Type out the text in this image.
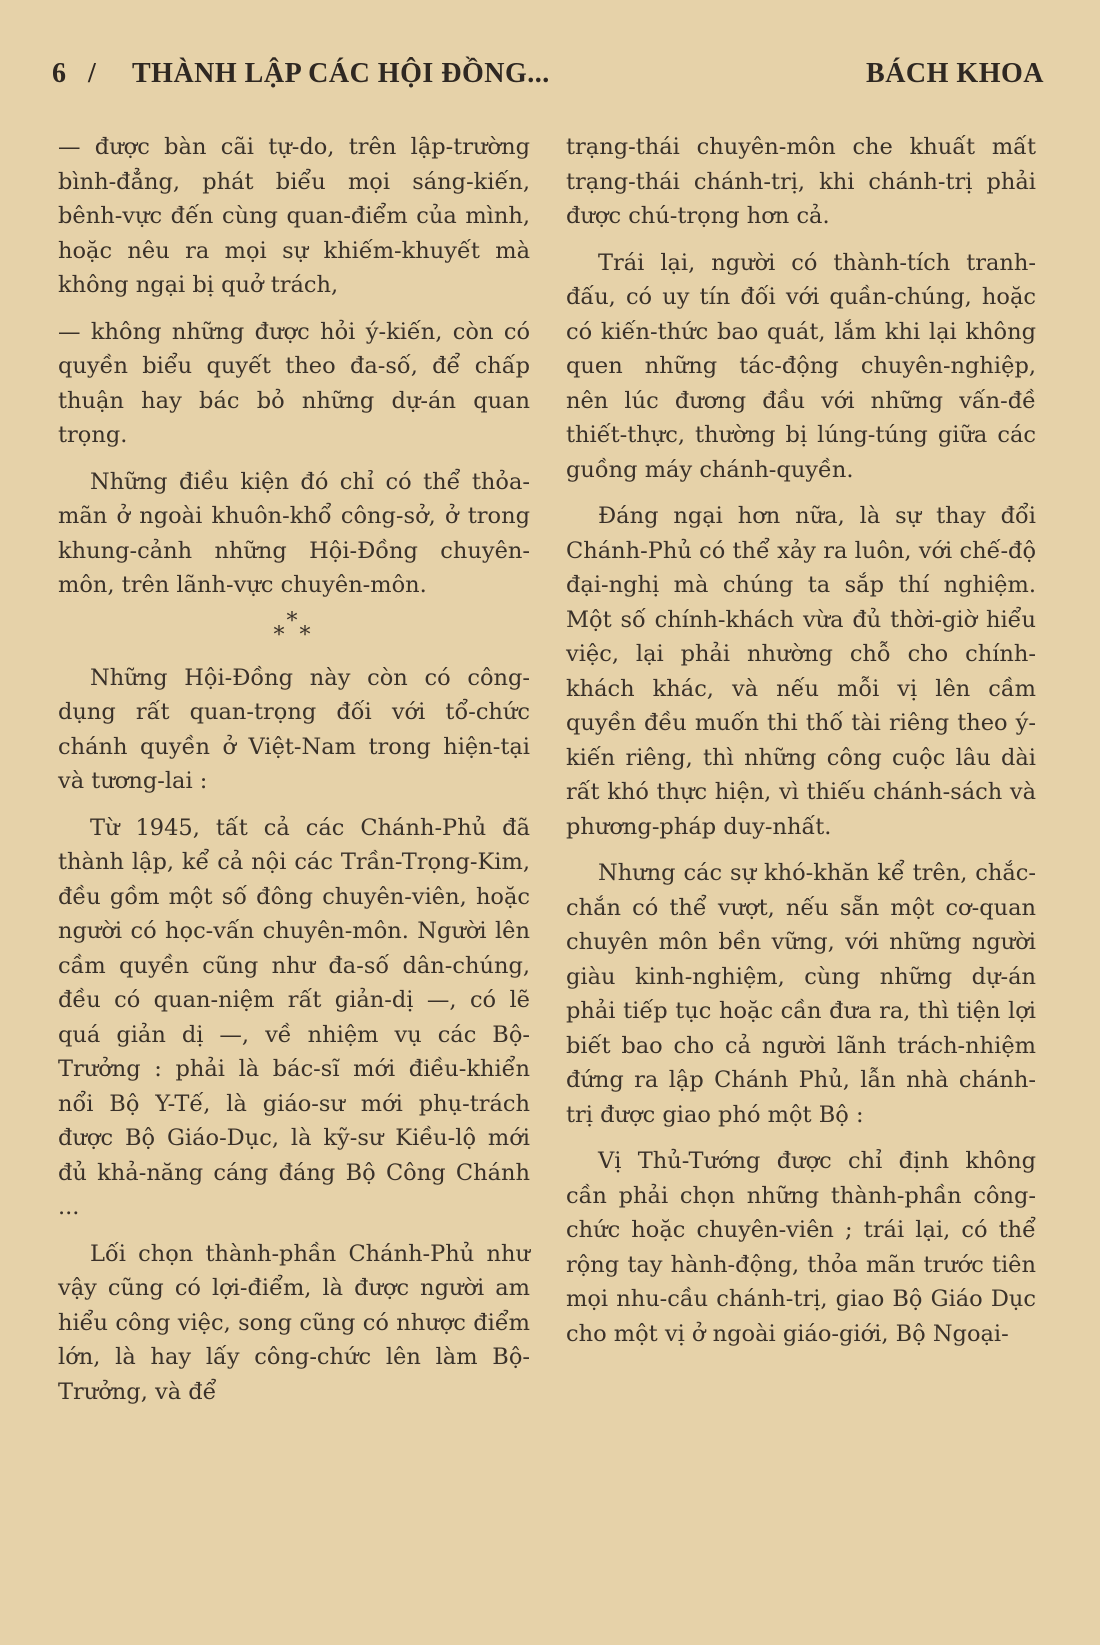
6 / THÀNH LẬP CÁC HỘI ĐỒNG...	BÁCH KHOA

— được bàn cãi tự-do, trên lập-trường bình-đẳng, phát biểu mọi sáng-kiến, bênh-vực đến cùng quan-điểm của mình, hoặc nêu ra mọi sự khiếm-khuyết mà không ngại bị quở trách,

— không những được hỏi ý-kiến, còn có quyền biểu quyết theo đa-số, để chấp thuận hay bác bỏ những dự-án quan trọng.

Những điều kiện đó chỉ có thể thỏa-mãn ở ngoài khuôn-khổ công-sở, ở trong khung-cảnh những Hội-Đồng chuyên-môn, trên lãnh-vực chuyên-môn.

*
* *

Những Hội-Đồng này còn có công-dụng rất quan-trọng đối với tổ-chức chánh quyền ở Việt-Nam trong hiện-tại và tương-lai :

Từ 1945, tất cả các Chánh-Phủ đã thành lập, kể cả nội các Trần-Trọng-Kim, đều gồm một số đông chuyên-viên, hoặc người có học-vấn chuyên-môn. Người lên cầm quyền cũng như đa-số dân-chúng, đều có quan-niệm rất giản-dị —, có lẽ quá giản dị —, về nhiệm vụ các Bộ-Trưởng : phải là bác-sĩ mới điều-khiển nổi Bộ Y-Tế, là giáo-sư mới phụ-trách được Bộ Giáo-Dục, là kỹ-sư Kiều-lộ mới đủ khả-năng cáng đáng Bộ Công Chánh ...

Lối chọn thành-phần Chánh-Phủ như vậy cũng có lợi-điểm, là được người am hiểu công việc, song cũng có nhược điểm lớn, là hay lấy công-chức lên làm Bộ-Trưởng, và để

trạng-thái chuyên-môn che khuất mất trạng-thái chánh-trị, khi chánh-trị phải được chú-trọng hơn cả.

Trái lại, người có thành-tích tranh-đấu, có uy tín đối với quần-chúng, hoặc có kiến-thức bao quát, lắm khi lại không quen những tác-động chuyên-nghiệp, nên lúc đương đầu với những vấn-đề thiết-thực, thường bị lúng-túng giữa các guồng máy chánh-quyền.

Đáng ngại hơn nữa, là sự thay đổi Chánh-Phủ có thể xảy ra luôn, với chế-độ đại-nghị mà chúng ta sắp thí nghiệm. Một số chính-khách vừa đủ thời-giờ hiểu việc, lại phải nhường chỗ cho chính-khách khác, và nếu mỗi vị lên cầm quyền đều muốn thi thố tài riêng theo ý-kiến riêng, thì những công cuộc lâu dài rất khó thực hiện, vì thiếu chánh-sách và phương-pháp duy-nhất.

Nhưng các sự khó-khăn kể trên, chắc-chắn có thể vượt, nếu sẵn một cơ-quan chuyên môn bền vững, với những người giàu kinh-nghiệm, cùng những dự-án phải tiếp tục hoặc cần đưa ra, thì tiện lợi biết bao cho cả người lãnh trách-nhiệm đứng ra lập Chánh Phủ, lẫn nhà chánh-trị được giao phó một Bộ :

Vị Thủ-Tướng được chỉ định không cần phải chọn những thành-phần công-chức hoặc chuyên-viên ; trái lại, có thể rộng tay hành-động, thỏa mãn trước tiên mọi nhu-cầu chánh-trị, giao Bộ Giáo Dục cho một vị ở ngoài giáo-giới, Bộ Ngoại-
